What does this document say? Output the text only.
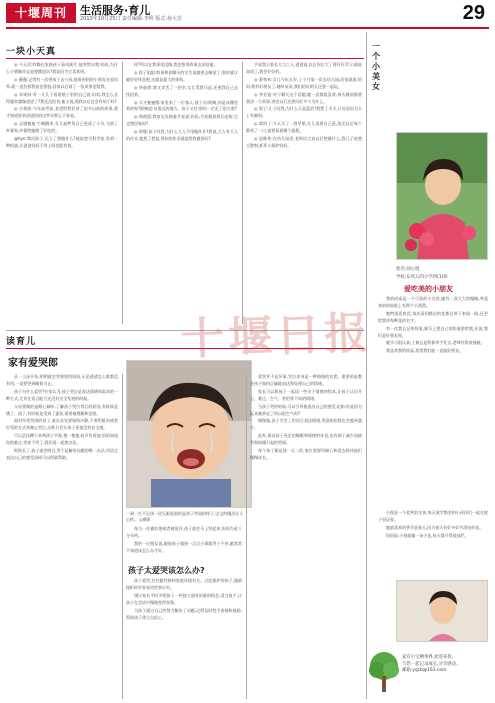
十堰周刊	生活服务·育儿
2013年10月25日 责任编辑:李婷 版式:孙大芳	29
一块小天真

◎ 今天话:昨晚在家陪孩子看动画片,他突然问我:妈妈,为什么小猪佩奇总是要跳泥坑?我说因为它喜欢呀。

◎ 薇薇:记得有一次带孩子去公园,他看到别的小朋友在放风筝,就一直拉着我说也要放,回家以后画了一张风筝送给我。

◎ 米果妈:有一天儿子看着镜子里的自己说:妈妈,我怎么长得越来越像爸爸了?我还没回答,他又说,那我以后也会有胡子吗?

◎ 小黄油:今年高考前,老爸给我们讲了很多以前的故事,我才知道原来爸爸妈妈这些年那么不容易。

◎ 灵感雅迪:午睡醒来,女儿说梦见自己变成了小鸟,飞到了外婆家,外婆给她做了好吃的。

@hyn:我问孩子,长大了想做什么?他说想当科学家,发明一种机器,让爸爸妈妈不用上班也能有钱。

样?所以在我事里没路,我也想用故事去安慰他。

◎ 段子姐姐:如果和你聊天的女生说她要去睡觉了,那你就让她好好休息吧,这就是最大的体贴。

◎ 妙桂娇:我又弄丢了一把伞,女儿骂我马虎,还要我自己去找回来。

◎ 天才蜜蜜熊:家里来了一位客人,孩子问:阿姨,你是从哪里来的呀?阿姨说:从很远的地方。孩子又问:那你一定走了很久吧?

◎ 萌萌恩:我家宝贝指着月亮说:妈妈,月亮跟着我们走呢,它也想回家吗?

◎ 哈喽:孩子问我,为什么大人不用做作业?我说,大人有大人的作业,他想了想说,那你的作业就是给我做饭吗?

手说我示着长大当工人,爸爸说,以后你长大了要好好学习,他说知道了,我会好好的。

◎ 莱和米:女儿今年五岁,上个月第一次去幼儿园,回家就说:妈妈,我有好朋友了,她叫朵朵,我们约好明天还要一起玩。

◎ 李芳说:对于聊天这个话题,她一直都很喜欢,每天睡前都要我讲一个故事,讲完以后还要问好多个为什么。

◎ 梨子:儿子问我,为什么天是蓝的?我想了半天,只好说因为天上有颜料。

◎ 晴叨子:今天买了一袋苹果,女儿说要自己洗,洗完以后每个都咬了一口,说要看看哪个最甜。

◎ 思维侠:在幼儿园里,老师问大家以后想做什么,我儿子说想当警察,抓坏人保护妈妈。

读育儿
家有爱哭郎

从一上床开始,明明就会哭着要找妈妈,无论爸爸怎么哄都没有用,一直要哭到睡着为止。

孩子为什么爱哭?专家认为,孩子哭泣是表达情绪和需求的一种方式,尤其在语言能力还没有完全发展的时候。

父母要做的是耐心倾听,了解孩子哭泣背后的原因,有时候是饿了、困了,有时候是受到了委屈,需要被理解和安慰。

面对经常哭闹的孩子,家长首先要保持冷静,不要用吼叫或者打骂的方式来制止哭泣,这样只会让孩子更加没有安全感。

可以尝试蹲下来和孩子平视,抱一抱他,轻声告诉他:妈妈知道你很难过,等你不哭了,我们再一起想办法。

时间长了,孩子就会明白,哭不是解决问题的唯一办法,用语言表达自己的感受同样可以得到帮助。

一到一生不足孩一段无限延展的是孩子哭闹的样子,宝宝的眼泪让人心疼。 ◎摄影

每当一次被拒绝或者被批评,孩子就会马上哭起来,妈妈为此十分头疼。

我的一位朋友说,她家孩子遇到一点点小事就哭个不停,她常常不知道该怎么办才好。

孩子太爱哭该怎么办?

孩子爱哭,往往跟性格和家庭环境有关。过度保护的孩子,遇到挫折时更容易用哭来应对。

建议家长平时多给孩子一些独立面对困难的机会,适当放手,让孩子在尝试中慢慢变得坚强。

当孩子通过自己的努力解决了问题,记得及时给予表扬和鼓励,帮助孩子建立自信心。

爱哭并不是坏事,哭泣本身是一种情绪的宣泄。重要的是教会孩子如何正确地表达和处理自己的情绪。

家长可以和孩子一起读一些关于情绪的绘本,让孩子认识开心、难过、生气、害怕等不同的情绪。

当孩子哭的时候,可以引导他说出自己的感受,比如:你是因为玩具被拿走了所以很生气吗?

慢慢地,孩子学会了用语言表达情绪,哭闹的次数也会越来越少。

此外,保证孩子充足的睡眠和规律的作息,也有助于减少因疲劳和烦躁引起的哭闹。

每个孩子都是独一无二的,家长需要用耐心和爱去陪伴他们慢慢成长。

一个小美女
姓名:刘心悦
学校:东风五四小学四(1)班
爱吃美的小朋友

我的同桌是一个可爱的小女孩,她有一双大大的眼睛,笑起来的时候脸上有两个小酒窝。

她特别喜欢花,每次看到路边的花都会停下来闻一闻,还会给我讲每种花的名字。

有一次我忘记带铅笔,她马上把自己的铅笔借给我,还说:我们是好朋友呀。

她学习很认真,上课总是积极举手发言,老师经常表扬她。

我喜欢我的同桌,希望我们能一直做好朋友。

小悦是一个爱笑的女孩,每天放学都会和小伙伴们一起在院子里玩耍。

她最喜欢的季节是春天,因为春天有好多好多漂亮的花。

妈妈说,小悦就像一朵小花,每天都开得很灿烂。

家有小宝晒事界,欢迎来投,
与您一起记录成长,分享感动。
邮箱:yqzb@163.com
十堰日报
